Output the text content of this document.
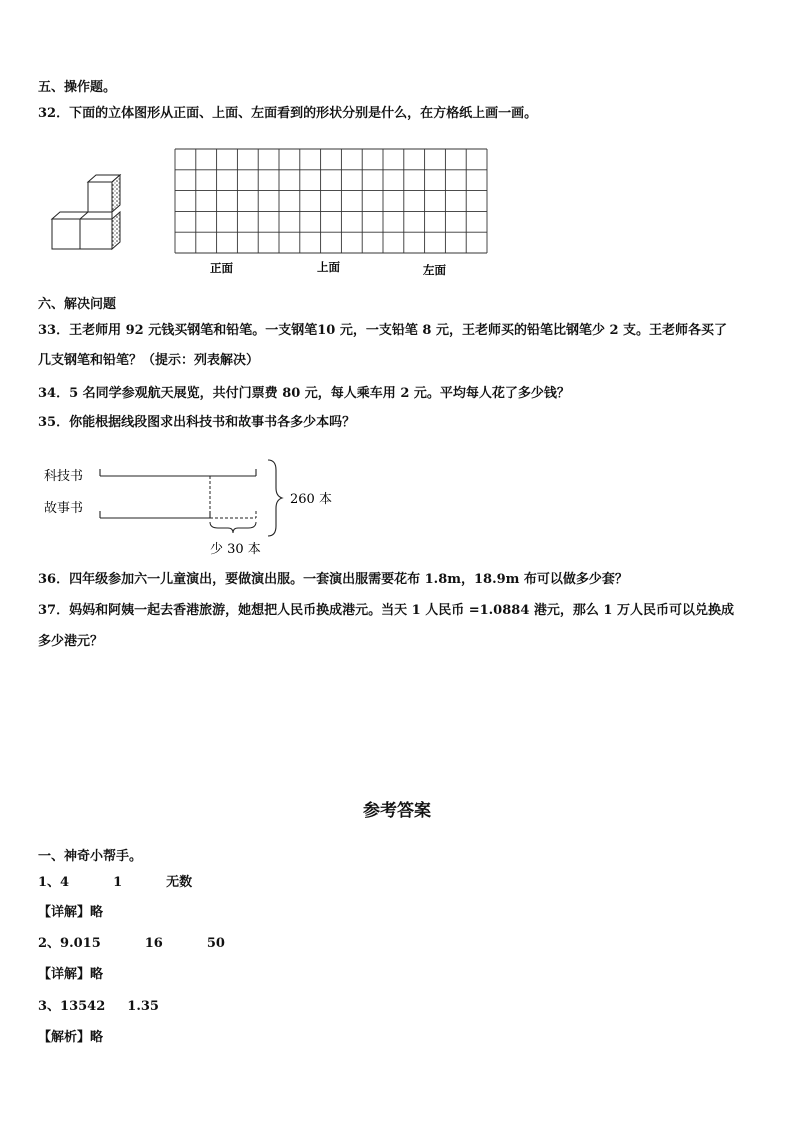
五、操作题。
32．下面的立体图形从正面、上面、左面看到的形状分别是什么，在方格纸上画一画。
正面	上面	左面
六、解决问题
33．王老师用 92 元钱买钢笔和铅笔。一支钢笔10 元，一支铅笔 8 元，王老师买的铅笔比钢笔少 2 支。王老师各买了
几支钢笔和铅笔？（提示：列表解决）
34．5 名同学参观航天展览，共付门票费 80 元，每人乘车用 2 元。平均每人花了多少钱？
35．你能根据线段图求出科技书和故事书各多少本吗？
科技书
故事书
少 30 本
260 本
36．四年级参加六一儿童演出，要做演出服。一套演出服需要花布 1.8m，18.9m 布可以做多少套？
37．妈妈和阿姨一起去香港旅游，她想把人民币换成港元。当天 1 人民币 =1.0884 港元，那么 1 万人民币可以兑换成
多少港元？
参考答案
一、神奇小帮手。
1、4	1	无数
【详解】略
2、9.015	16	50
【详解】略
3、13542 1.35
【解析】略
